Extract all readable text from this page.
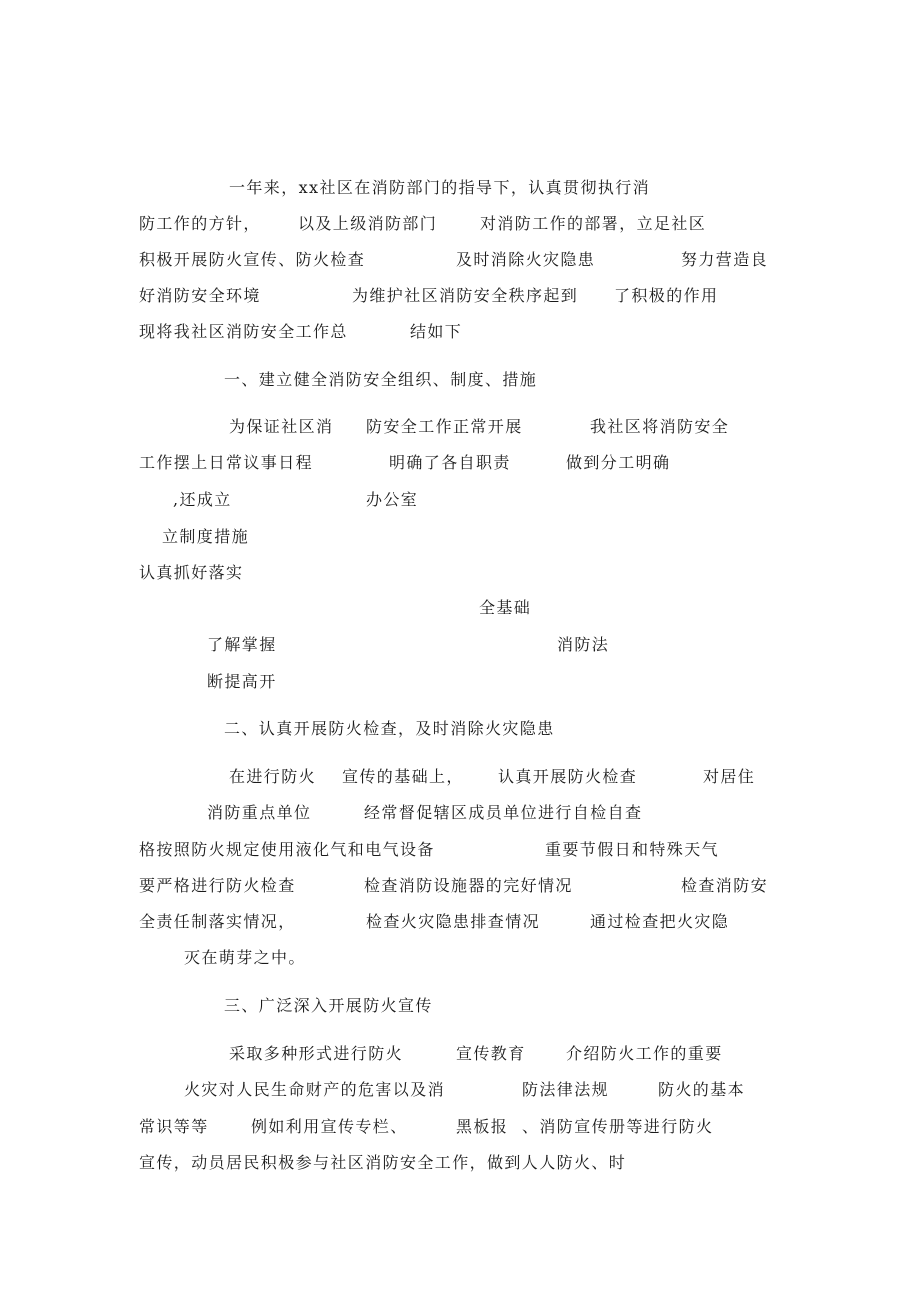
一年来，xx社区在消防部门的指导下，认真贯彻执行消
防工作的方针， 以及上级消防部门	对消防工作的部署，立足社区
积极开展防火宣传、防火检查	及时消除火灾隐患	努力营造良
好消防安全环境	为维护社区消防安全秩序起到 了积极的作用
现将我社区消防安全工作总	结如下
一、建立健全消防安全组织、制度、措施
为保证社区消 防安全工作正常开展	我社区将消防安全
工作摆上日常议事日程	明确了各自职责	做到分工明确
,还成立	办公室
立制度措施
认真抓好落实
全基础
了解掌握	消防法
断提高开
二、认真开展防火检查，及时消除火灾隐患
在进行防火 宣传的基础上， 认真开展防火检查	对居住
消防重点单位	经常督促辖区成员单位进行自检自查
格按照防火规定使用液化气和电气设备	重要节假日和特殊天气
要严格进行防火检查	检查消防设施器的完好情况	检查消防安
全责任制落实情况，	检查火灾隐患排查情况	通过检查把火灾隐
灭在萌芽之中。
三、广泛深入开展防火宣传
采取多种形式进行防火	宣传教育	介绍防火工作的重要
火灾对人民生命财产的危害以及消	防法律法规	防火的基本
常识等等	例如利用宣传专栏、	黑板报 、消防宣传册等进行防火
宣传，动员居民积极参与社区消防安全工作，做到人人防火、时
